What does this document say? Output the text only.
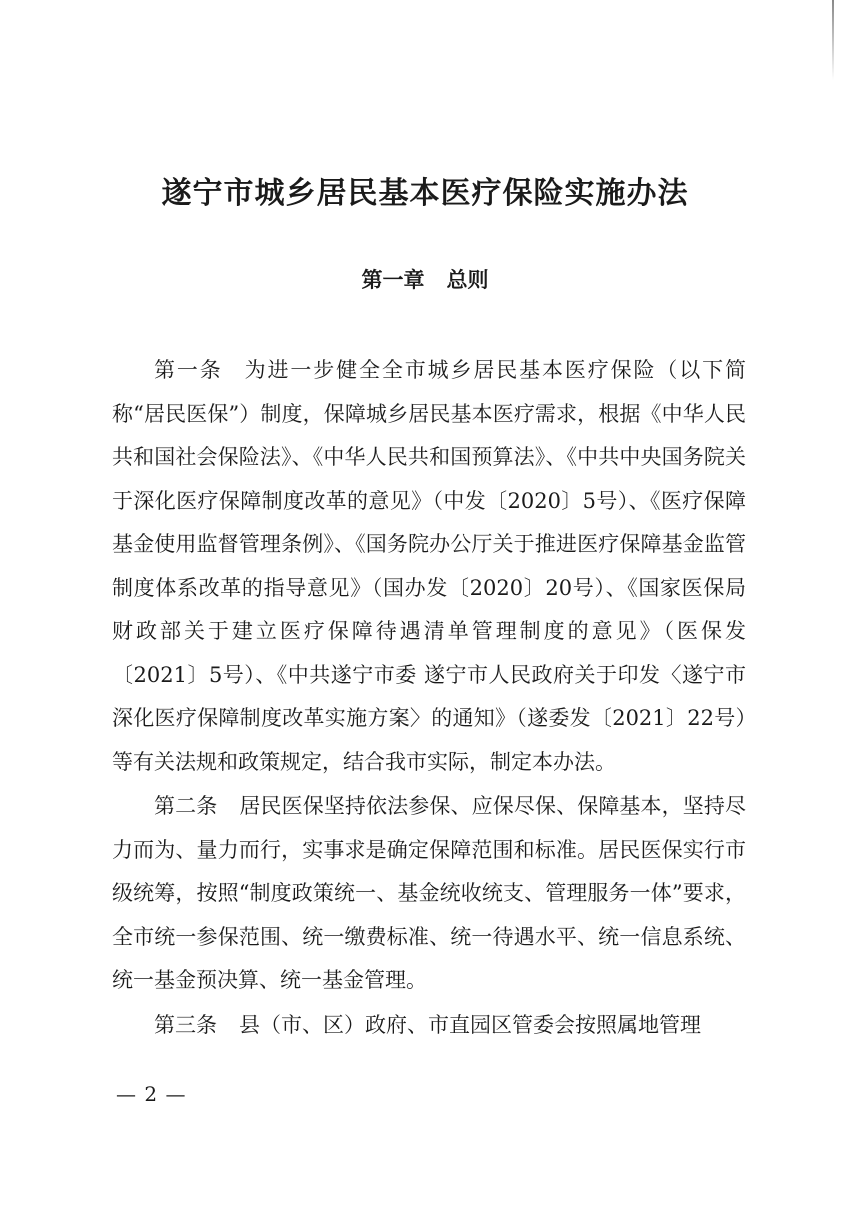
遂宁市城乡居民基本医疗保险实施办法
第一章 总则

第一条 为进一步健全全市城乡居民基本医疗保险（以下简称“居民医保”）制度，保障城乡居民基本医疗需求，根据《中华人民共和国社会保险法》、《中华人民共和国预算法》、《中共中央国务院关于深化医疗保障制度改革的意见》（中发〔2020〕5号）、《医疗保障基金使用监督管理条例》、《国务院办公厅关于推进医疗保障基金监管制度体系改革的指导意见》（国办发〔2020〕20号）、《国家医保局 财政部关于建立医疗保障待遇清单管理制度的意见》（医保发〔2021〕5号）、《中共遂宁市委 遂宁市人民政府关于印发〈遂宁市深化医疗保障制度改革实施方案〉的通知》（遂委发〔2021〕22号）等有关法规和政策规定，结合我市实际，制定本办法。

第二条 居民医保坚持依法参保、应保尽保、保障基本，坚持尽力而为、量力而行，实事求是确定保障范围和标准。居民医保实行市级统筹，按照“制度政策统一、基金统收统支、管理服务一体”要求，全市统一参保范围、统一缴费标准、统一待遇水平、统一信息系统、统一基金预决算、统一基金管理。

第三条 县（市、区）政府、市直园区管委会按照属地管理

— 2 —
